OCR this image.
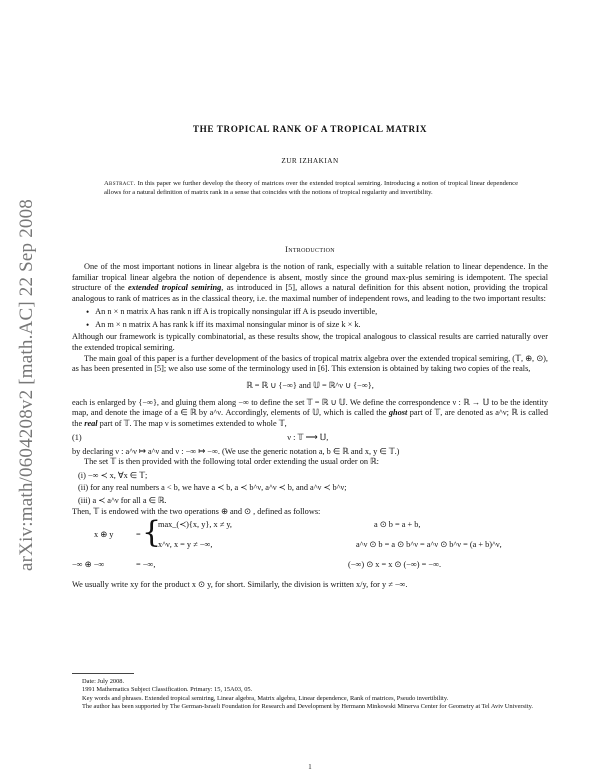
arXiv:math/0604208v2 [math.AC] 22 Sep 2008
THE TROPICAL RANK OF A TROPICAL MATRIX
ZUR IZHAKIAN
Abstract. In this paper we further develop the theory of matrices over the extended tropical semiring. Introducing a notion of tropical linear dependence allows for a natural definition of matrix rank in a sense that coincides with the notions of tropical regularity and invertibility.
Introduction

One of the most important notions in linear algebra is the notion of rank, especially with a suitable relation to linear dependence. In the familiar tropical linear algebra the notion of dependence is absent, mostly since the ground max-plus semiring is idempotent. The special structure of the extended tropical semiring, as introduced in [5], allows a natural definition for this absent notion, providing the tropical analogous to rank of matrices as in the classical theory, i.e. the maximal number of independent rows, and leading to the two important results:

• An n × n matrix A has rank n iff A is tropically nonsingular iff A is pseudo invertible,

• An m × n matrix A has rank k iff its maximal nonsingular minor is of size k × k.

Although our framework is typically combinatorial, as these results show, the tropical analogous to classical results are carried naturally over the extended tropical semiring.

The main goal of this paper is a further development of the basics of tropical matrix algebra over the extended tropical semiring, (𝕋, ⊕, ⊙), as has been presented in [5]; we also use some of the terminology used in [6]. This extension is obtained by taking two copies of the reals,

ℝ = ℝ ∪ {−∞} and 𝕌 = ℝ^ν ∪ {−∞},

each is enlarged by {−∞}, and gluing them along −∞ to define the set 𝕋 = ℝ ∪ 𝕌. We define the correspondence ν : ℝ → 𝕌 to be the identity map, and denote the image of a ∈ ℝ by a^ν. Accordingly, elements of 𝕌, which is called the ghost part of 𝕋, are denoted as a^ν; ℝ is called the real part of 𝕋. The map ν is sometimes extended to whole 𝕋,

(1)	ν : 𝕋 ⟶ 𝕌,

by declaring ν : a^ν ↦ a^ν and ν : −∞ ↦ −∞. (We use the generic notation a, b ∈ ℝ and x, y ∈ 𝕋.)

The set 𝕋 is then provided with the following total order extending the usual order on ℝ:

(i) −∞ ≺ x, ∀x ∈ 𝕋;
(ii) for any real numbers a < b, we have a ≺ b, a ≺ b^ν, a^ν ≺ b, and a^ν ≺ b^ν;
(iii) a ≺ a^ν for all a ∈ ℝ.

Then, 𝕋 is endowed with the two operations ⊕ and ⊙ , defined as follows:

x ⊕ y	= {
max_(≺){x, y}, x ≠ y,
x^ν, x = y ≠ −∞,
−∞ ⊕ −∞	= −∞,
a ⊙ b = a + b,
a^ν ⊙ b = a ⊙ b^ν = a^ν ⊙ b^ν = (a + b)^ν,
(−∞) ⊙ x = x ⊙ (−∞) = −∞.

We usually write xy for the product x ⊙ y, for short. Similarly, the division is written x/y, for y ≠ −∞.

Date: July 2008.

1991 Mathematics Subject Classification. Primary: 15, 15A03, 05.

Key words and phrases. Extended tropical semiring, Linear algebra, Matrix algebra, Linear dependence, Rank of matrices, Pseudo invertibility.

The author has been supported by The German-Israeli Foundation for Research and Development by Hermann Minkowski Minerva Center for Geometry at Tel Aviv University.

1
